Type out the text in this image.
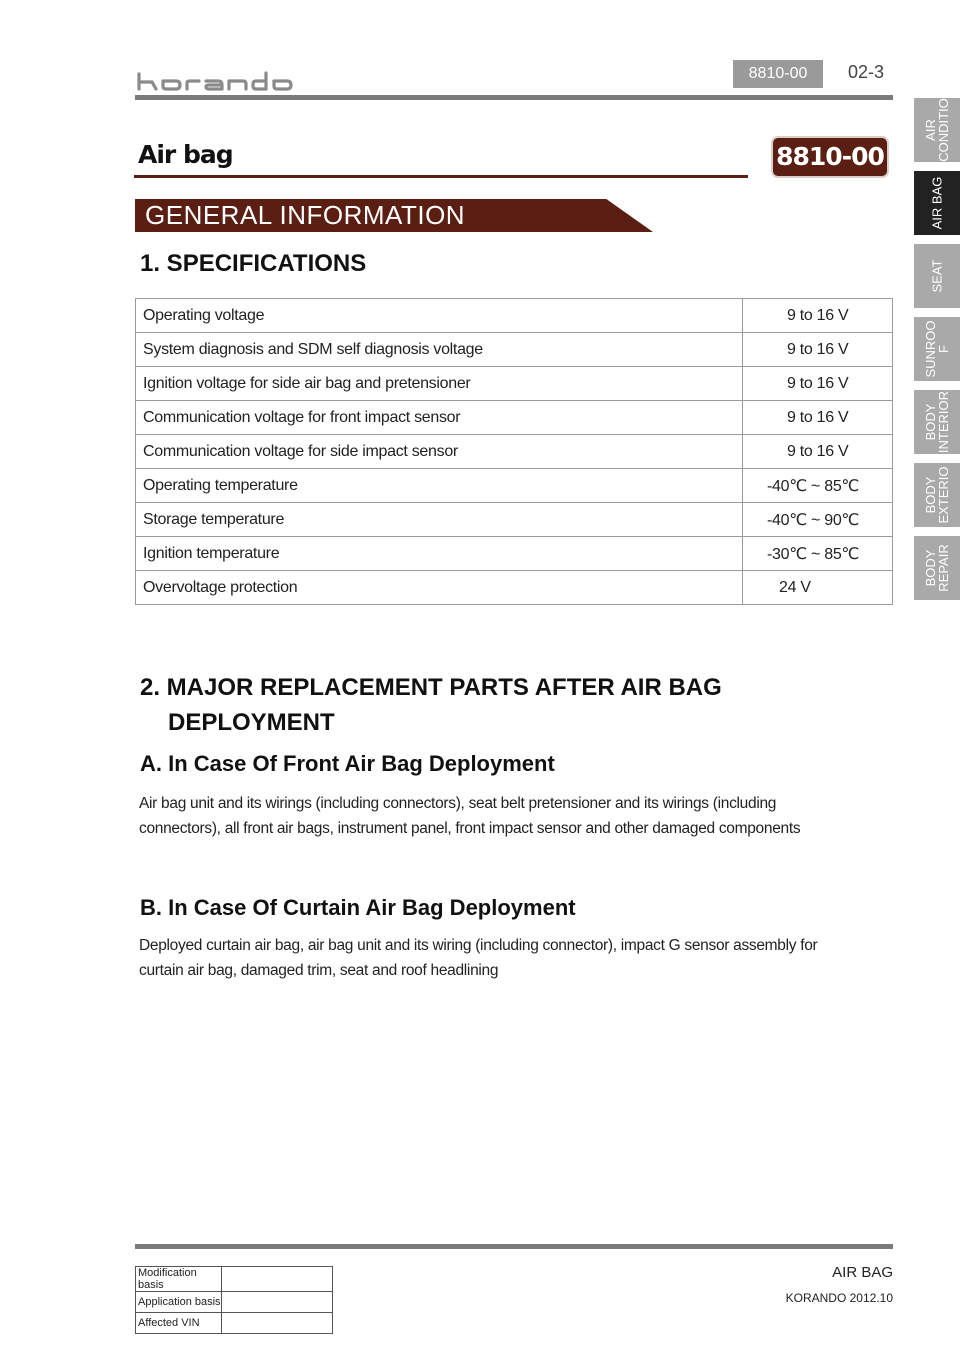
8810-00	02-3
Air bag	8810-00
GENERAL INFORMATION
1. SPECIFICATIONS
Operating voltage	9 to 16 V
System diagnosis and SDM self diagnosis voltage	9 to 16 V
Ignition voltage for side air bag and pretensioner	9 to 16 V
Communication voltage for front impact sensor	9 to 16 V
Communication voltage for side impact sensor	9 to 16 V
Operating temperature	-40℃ ~ 85℃
Storage temperature	-40℃ ~ 90℃
Ignition temperature	-30℃ ~ 85℃
Overvoltage protection	24 V
2. MAJOR REPLACEMENT PARTS AFTER AIR BAG
DEPLOYMENT
A. In Case Of Front Air Bag Deployment
Air bag unit and its wirings (including connectors), seat belt pretensioner and its wirings (including
connectors), all front air bags, instrument panel, front impact sensor and other damaged components
B. In Case Of Curtain Air Bag Deployment
Deployed curtain air bag, air bag unit and its wiring (including connector), impact G sensor assembly for
curtain air bag, damaged trim, seat and roof headlining
AIR
CONDITIO
AIR BAG
SEAT
SUNROO
F
BODY
INTERIOR
BODY
EXTERIO
BODY
REPAIR
AIR BAG
KORANDO 2012.10
Modification basis	
Application basis	
Affected VIN	
